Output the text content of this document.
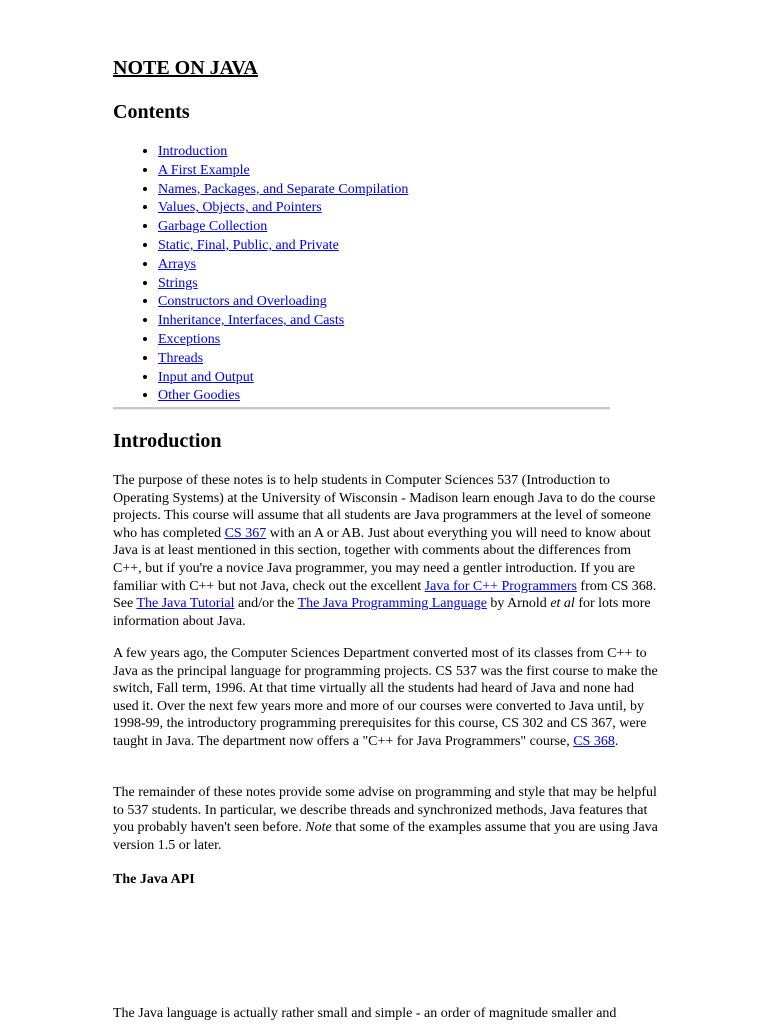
NOTE ON JAVA
Contents
• Introduction
• A First Example
• Names, Packages, and Separate Compilation
• Values, Objects, and Pointers
• Garbage Collection
• Static, Final, Public, and Private
• Arrays
• Strings
• Constructors and Overloading
• Inheritance, Interfaces, and Casts
• Exceptions
• Threads
• Input and Output
• Other Goodies
Introduction

The purpose of these notes is to help students in Computer Sciences 537 (Introduction to Operating Systems) at the University of Wisconsin - Madison learn enough Java to do the course projects. This course will assume that all students are Java programmers at the level of someone who has completed CS 367 with an A or AB. Just about everything you will need to know about Java is at least mentioned in this section, together with comments about the differences from C++, but if you're a novice Java programmer, you may need a gentler introduction. If you are familiar with C++ but not Java, check out the excellent Java for C++ Programmers from CS 368. See The Java Tutorial and/or the The Java Programming Language by Arnold et al for lots more information about Java.

A few years ago, the Computer Sciences Department converted most of its classes from C++ to Java as the principal language for programming projects. CS 537 was the first course to make the switch, Fall term, 1996. At that time virtually all the students had heard of Java and none had used it. Over the next few years more and more of our courses were converted to Java until, by 1998-99, the introductory programming prerequisites for this course, CS 302 and CS 367, were taught in Java. The department now offers a "C++ for Java Programmers" course, CS 368.

The remainder of these notes provide some advise on programming and style that may be helpful to 537 students. In particular, we describe threads and synchronized methods, Java features that you probably haven't seen before. Note that some of the examples assume that you are using Java version 1.5 or later.

The Java API

The Java language is actually rather small and simple - an order of magnitude smaller and
